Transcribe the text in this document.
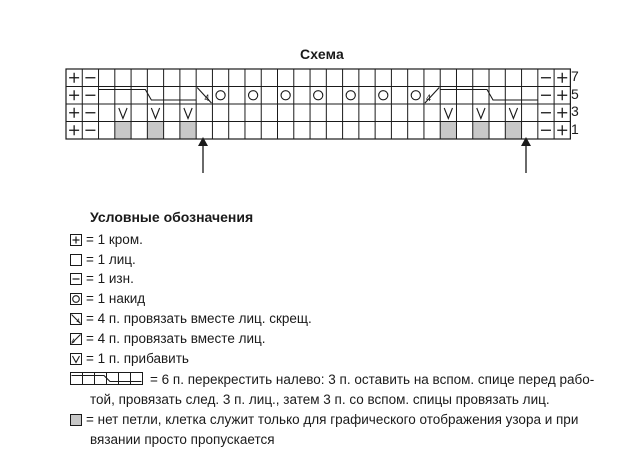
Схема
4	4
7
5
3
1
Условные обозначения
= 1 кром.
= 1 лиц.
= 1 изн.
= 1 накид
4 = 4 п. провязать вместе лиц. скрещ.
4 = 4 п. провязать вместе лиц.
= 1 п. прибавить
= 6 п. перекрестить налево: 3 п. оставить на вспом. спице перед рабо-
той, провязать след. 3 п. лиц., затем 3 п. со вспом. спицы провязать лиц.
= нет петли, клетка служит только для графического отображения узора и при
вязании просто пропускается
